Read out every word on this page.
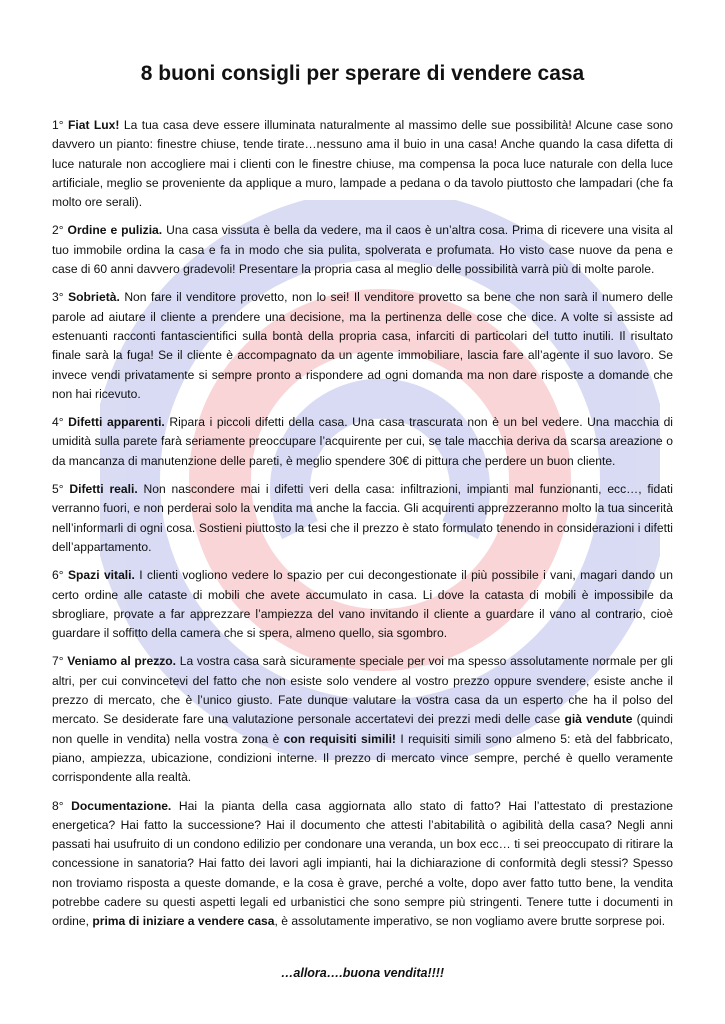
8 buoni consigli per sperare di vendere casa

1° Fiat Lux! La tua casa deve essere illuminata naturalmente al massimo delle sue possibilità! Alcune case sono davvero un pianto: finestre chiuse, tende tirate…nessuno ama il buio in una casa! Anche quando la casa difetta di luce naturale non accogliere mai i clienti con le finestre chiuse, ma compensa la poca luce naturale con della luce artificiale, meglio se proveniente da applique a muro, lampade a pedana o da tavolo piuttosto che lampadari (che fa molto ore serali).

2° Ordine e pulizia. Una casa vissuta è bella da vedere, ma il caos è un’altra cosa. Prima di ricevere una visita al tuo immobile ordina la casa e fa in modo che sia pulita, spolverata e profumata. Ho visto case nuove da pena e case di 60 anni davvero gradevoli! Presentare la propria casa al meglio delle possibilità varrà più di molte parole.

3° Sobrietà. Non fare il venditore provetto, non lo sei! Il venditore provetto sa bene che non sarà il numero delle parole ad aiutare il cliente a prendere una decisione, ma la pertinenza delle cose che dice. A volte si assiste ad estenuanti racconti fantascientifici sulla bontà della propria casa, infarciti di particolari del tutto inutili. Il risultato finale sarà la fuga! Se il cliente è accompagnato da un agente immobiliare, lascia fare all’agente il suo lavoro. Se invece vendi privatamente si sempre pronto a rispondere ad ogni domanda ma non dare risposte a domande che non hai ricevuto.

4° Difetti apparenti. Ripara i piccoli difetti della casa. Una casa trascurata non è un bel vedere. Una macchia di umidità sulla parete farà seriamente preoccupare l’acquirente per cui, se tale macchia deriva da scarsa areazione o da mancanza di manutenzione delle pareti, è meglio spendere 30€ di pittura che perdere un buon cliente.

5° Difetti reali. Non nascondere mai i difetti veri della casa: infiltrazioni, impianti mal funzionanti, ecc…, fidati verranno fuori, e non perderai solo la vendita ma anche la faccia. Gli acquirenti apprezzeranno molto la tua sincerità nell’informarli di ogni cosa. Sostieni piuttosto la tesi che il prezzo è stato formulato tenendo in considerazioni i difetti dell’appartamento.

6° Spazi vitali. I clienti vogliono vedere lo spazio per cui decongestionate il più possibile i vani, magari dando un certo ordine alle cataste di mobili che avete accumulato in casa. Li dove la catasta di mobili è impossibile da sbrogliare, provate a far apprezzare l’ampiezza del vano invitando il cliente a guardare il vano al contrario, cioè guardare il soffitto della camera che si spera, almeno quello, sia sgombro.

7° Veniamo al prezzo. La vostra casa sarà sicuramente speciale per voi ma spesso assolutamente normale per gli altri, per cui convincetevi del fatto che non esiste solo vendere al vostro prezzo oppure svendere, esiste anche il prezzo di mercato, che è l’unico giusto. Fate dunque valutare la vostra casa da un esperto che ha il polso del mercato. Se desiderate fare una valutazione personale accertatevi dei prezzi medi delle case già vendute (quindi non quelle in vendita) nella vostra zona è con requisiti simili! I requisiti simili sono almeno 5: età del fabbricato, piano, ampiezza, ubicazione, condizioni interne. Il prezzo di mercato vince sempre, perché è quello veramente corrispondente alla realtà.

8° Documentazione. Hai la pianta della casa aggiornata allo stato di fatto? Hai l’attestato di prestazione energetica? Hai fatto la successione? Hai il documento che attesti l’abitabilità o agibilità della casa? Negli anni passati hai usufruito di un condono edilizio per condonare una veranda, un box ecc… ti sei preoccupato di ritirare la concessione in sanatoria? Hai fatto dei lavori agli impianti, hai la dichiarazione di conformità degli stessi? Spesso non troviamo risposta a queste domande, e la cosa è grave, perché a volte, dopo aver fatto tutto bene, la vendita potrebbe cadere su questi aspetti legali ed urbanistici che sono sempre più stringenti. Tenere tutte i documenti in ordine, prima di iniziare a vendere casa, è assolutamente imperativo, se non vogliamo avere brutte sorprese poi.

…allora….buona vendita!!!!
